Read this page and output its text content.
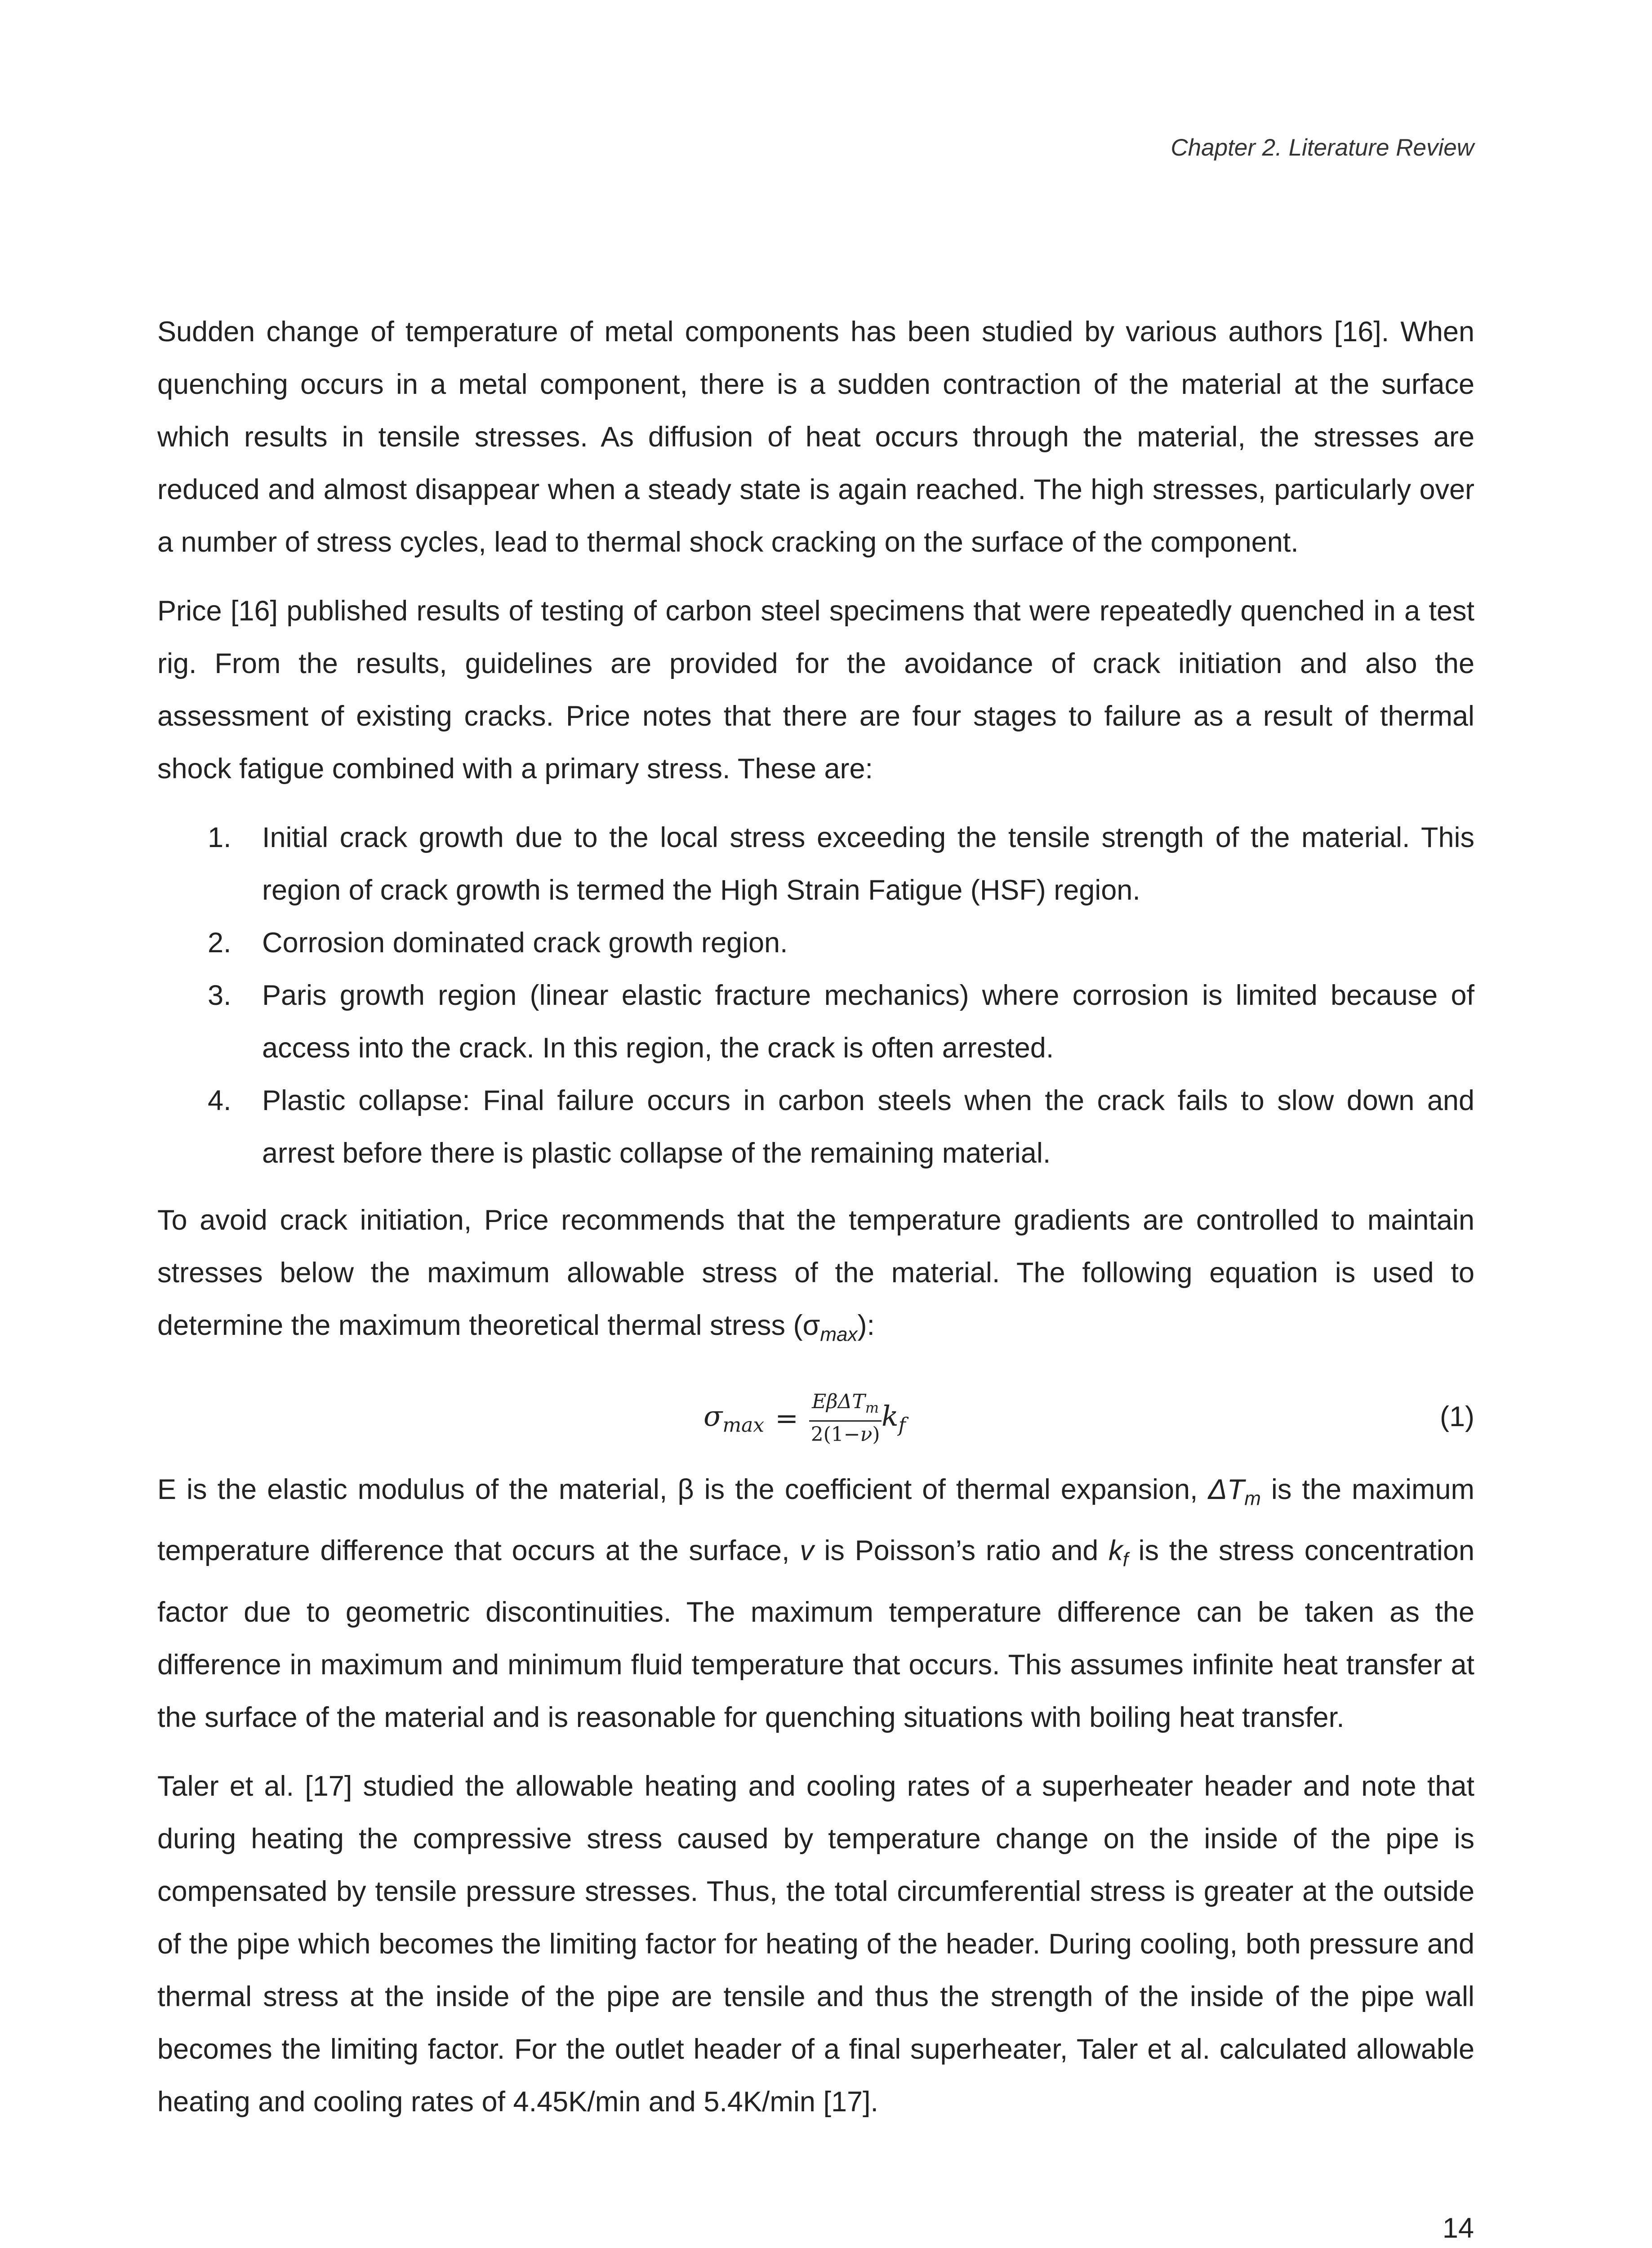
Chapter 2. Literature Review

Sudden change of temperature of metal components has been studied by various authors [16]. When quenching occurs in a metal component, there is a sudden contraction of the material at the surface which results in tensile stresses. As diffusion of heat occurs through the material, the stresses are reduced and almost disappear when a steady state is again reached. The high stresses, particularly over a number of stress cycles, lead to thermal shock cracking on the surface of the component.

Price [16] published results of testing of carbon steel specimens that were repeatedly quenched in a test rig. From the results, guidelines are provided for the avoidance of crack initiation and also the assessment of existing cracks. Price notes that there are four stages to failure as a result of thermal shock fatigue combined with a primary stress. These are:

1. Initial crack growth due to the local stress exceeding the tensile strength of the material. This region of crack growth is termed the High Strain Fatigue (HSF) region.
2. Corrosion dominated crack growth region.
3. Paris growth region (linear elastic fracture mechanics) where corrosion is limited because of access into the crack. In this region, the crack is often arrested.
4. Plastic collapse: Final failure occurs in carbon steels when the crack fails to slow down and arrest before there is plastic collapse of the remaining material.

To avoid crack initiation, Price recommends that the temperature gradients are controlled to maintain stresses below the maximum allowable stress of the material. The following equation is used to determine the maximum theoretical thermal stress $(\sigma_{max})$:

$\sigma_{max} = \frac{E\beta\Delta T_m}{2(1-\nu)} k_f$	(1)

E is the elastic modulus of the material, β is the coefficient of thermal expansion, $\Delta T_m$ is the maximum temperature difference that occurs at the surface, v is Poisson’s ratio and $k_f$ is the stress concentration factor due to geometric discontinuities. The maximum temperature difference can be taken as the difference in maximum and minimum fluid temperature that occurs. This assumes infinite heat transfer at the surface of the material and is reasonable for quenching situations with boiling heat transfer.

Taler et al. [17] studied the allowable heating and cooling rates of a superheater header and note that during heating the compressive stress caused by temperature change on the inside of the pipe is compensated by tensile pressure stresses. Thus, the total circumferential stress is greater at the outside of the pipe which becomes the limiting factor for heating of the header. During cooling, both pressure and thermal stress at the inside of the pipe are tensile and thus the strength of the inside of the pipe wall becomes the limiting factor. For the outlet header of a final superheater, Taler et al. calculated allowable heating and cooling rates of 4.45K/min and 5.4K/min [17].

14
